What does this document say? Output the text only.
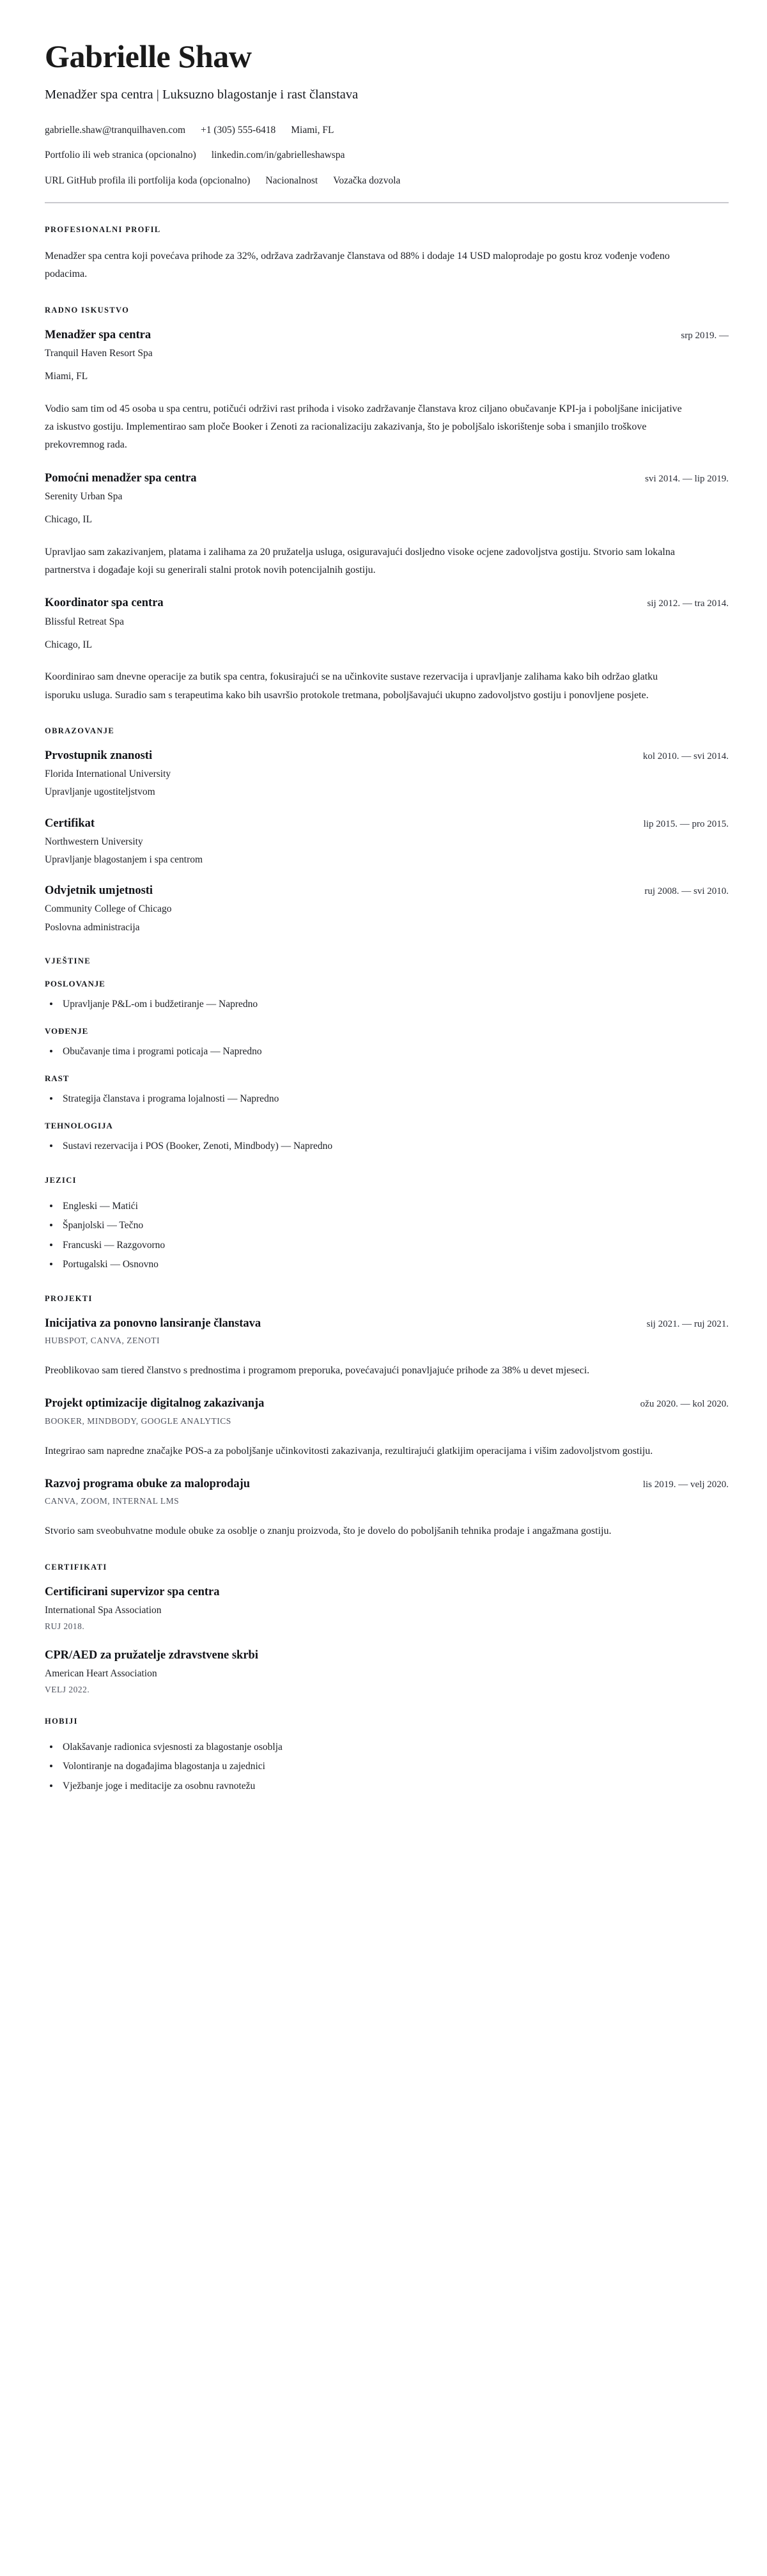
Gabrielle Shaw

Menadžer spa centra | Luksuzno blagostanje i rast članstava

gabrielle.shaw@tranquilhaven.com +1 (305) 555-6418 Miami, FL
Portfolio ili web stranica (opcionalno) linkedin.com/in/gabrielleshawspa
URL GitHub profila ili portfolija koda (opcionalno) Nacionalnost Vozačka dozvola
PROFESIONALNI PROFIL

Menadžer spa centra koji povećava prihode za 32%, održava zadržavanje članstava od 88% i dodaje 14 USD maloprodaje po gostu kroz vođenje vođeno podacima.

RADNO ISKUSTVO
Menadžer spa centra	srp 2019. —

Tranquil Haven Resort Spa

Miami, FL

Vodio sam tim od 45 osoba u spa centru, potičući održivi rast prihoda i visoko zadržavanje članstava kroz ciljano obučavanje KPI-ja i poboljšane inicijative za iskustvo gostiju. Implementirao sam ploče Booker i Zenoti za racionalizaciju zakazivanja, što je poboljšalo iskorištenje soba i smanjilo troškove prekovremnog rada.

Pomoćni menadžer spa centra	svi 2014. — lip 2019.

Serenity Urban Spa

Chicago, IL

Upravljao sam zakazivanjem, platama i zalihama za 20 pružatelja usluga, osiguravajući dosljedno visoke ocjene zadovoljstva gostiju. Stvorio sam lokalna partnerstva i događaje koji su generirali stalni protok novih potencijalnih gostiju.

Koordinator spa centra	sij 2012. — tra 2014.

Blissful Retreat Spa

Chicago, IL

Koordinirao sam dnevne operacije za butik spa centra, fokusirajući se na učinkovite sustave rezervacija i upravljanje zalihama kako bih održao glatku isporuku usluga. Suradio sam s terapeutima kako bih usavršio protokole tretmana, poboljšavajući ukupno zadovoljstvo gostiju i ponovljene posjete.

OBRAZOVANJE
Prvostupnik znanosti	kol 2010. — svi 2014.

Florida International University

Upravljanje ugostiteljstvom

Certifikat	lip 2015. — pro 2015.

Northwestern University

Upravljanje blagostanjem i spa centrom

Odvjetnik umjetnosti	ruj 2008. — svi 2010.

Community College of Chicago

Poslovna administracija

VJEŠTINE
POSLOVANJE
Upravljanje P&L-om i budžetiranje — Napredno
VOĐENJE
Obučavanje tima i programi poticaja — Napredno
RAST
Strategija članstava i programa lojalnosti — Napredno
TEHNOLOGIJA
Sustavi rezervacija i POS (Booker, Zenoti, Mindbody) — Napredno
JEZICI
Engleski — Matići
Španjolski — Tečno
Francuski — Razgovorno
Portugalski — Osnovno
PROJEKTI
Inicijativa za ponovno lansiranje članstava	sij 2021. — ruj 2021.

HUBSPOT, CANVA, ZENOTI

Preoblikovao sam tiered članstvo s prednostima i programom preporuka, povećavajući ponavljajuće prihode za 38% u devet mjeseci.

Projekt optimizacije digitalnog zakazivanja	ožu 2020. — kol 2020.

BOOKER, MINDBODY, GOOGLE ANALYTICS

Integrirao sam napredne značajke POS-a za poboljšanje učinkovitosti zakazivanja, rezultirajući glatkijim operacijama i višim zadovoljstvom gostiju.

Razvoj programa obuke za maloprodaju	lis 2019. — velj 2020.

CANVA, ZOOM, INTERNAL LMS

Stvorio sam sveobuhvatne module obuke za osoblje o znanju proizvoda, što je dovelo do poboljšanih tehnika prodaje i angažmana gostiju.

CERTIFIKATI
Certificirani supervizor spa centra

International Spa Association

RUJ 2018.

CPR/AED za pružatelje zdravstvene skrbi

American Heart Association

VELJ 2022.

HOBIJI
Olakšavanje radionica svjesnosti za blagostanje osoblja
Volontiranje na događajima blagostanja u zajednici
Vježbanje joge i meditacije za osobnu ravnotežu
